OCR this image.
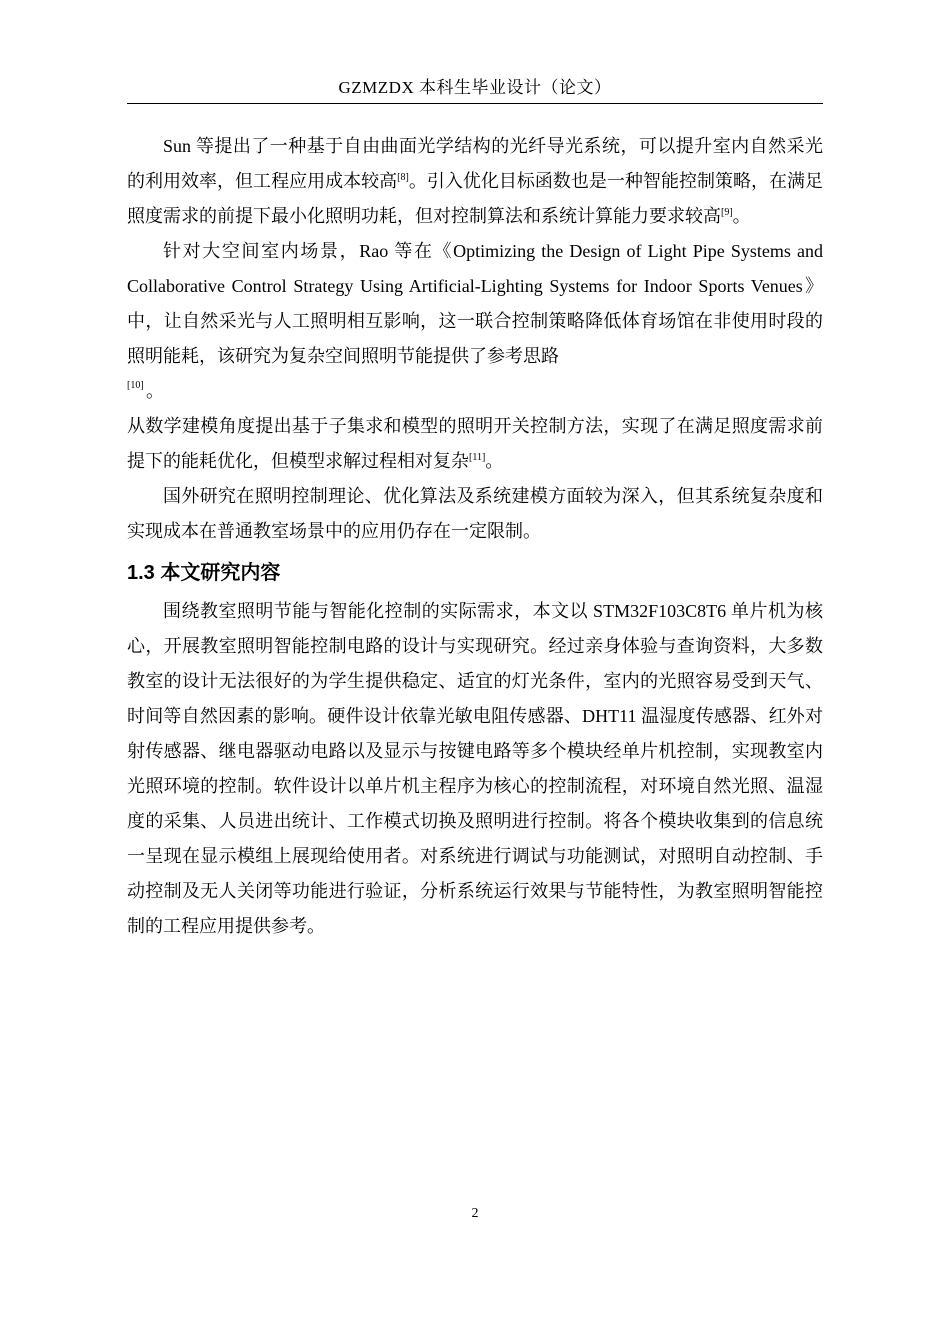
GZMZDX 本科生毕业设计（论文）

Sun 等提出了一种基于自由曲面光学结构的光纤导光系统，可以提升室内自然采光的利用效率，但工程应用成本较高[8]。引入优化目标函数也是一种智能控制策略，在满足照度需求的前提下最小化照明功耗，但对控制算法和系统计算能力要求较高[9]。

针对大空间室内场景，Rao 等在《Optimizing the Design of Light Pipe Systems and Collaborative Control Strategy Using Artificial-Lighting Systems for Indoor Sports Venues》中，让自然采光与人工照明相互影响，这一联合控制策略降低体育场馆在非使用时段的照明能耗，该研究为复杂空间照明节能提供了参考思路

[10] 。

从数学建模角度提出基于子集求和模型的照明开关控制方法，实现了在满足照度需求前提下的能耗优化，但模型求解过程相对复杂[11]。

国外研究在照明控制理论、优化算法及系统建模方面较为深入，但其系统复杂度和实现成本在普通教室场景中的应用仍存在一定限制。

1.3 本文研究内容

围绕教室照明节能与智能化控制的实际需求，本文以 STM32F103C8T6 单片机为核心，开展教室照明智能控制电路的设计与实现研究。经过亲身体验与查询资料，大多数教室的设计无法很好的为学生提供稳定、适宜的灯光条件，室内的光照容易受到天气、时间等自然因素的影响。硬件设计依靠光敏电阻传感器、DHT11 温湿度传感器、红外对射传感器、继电器驱动电路以及显示与按键电路等多个模块经单片机控制，实现教室内光照环境的控制。软件设计以单片机主程序为核心的控制流程，对环境自然光照、温湿度的采集、人员进出统计、工作模式切换及照明进行控制。将各个模块收集到的信息统一呈现在显示模组上展现给使用者。对系统进行调试与功能测试，对照明自动控制、手动控制及无人关闭等功能进行验证，分析系统运行效果与节能特性，为教室照明智能控制的工程应用提供参考。

2
